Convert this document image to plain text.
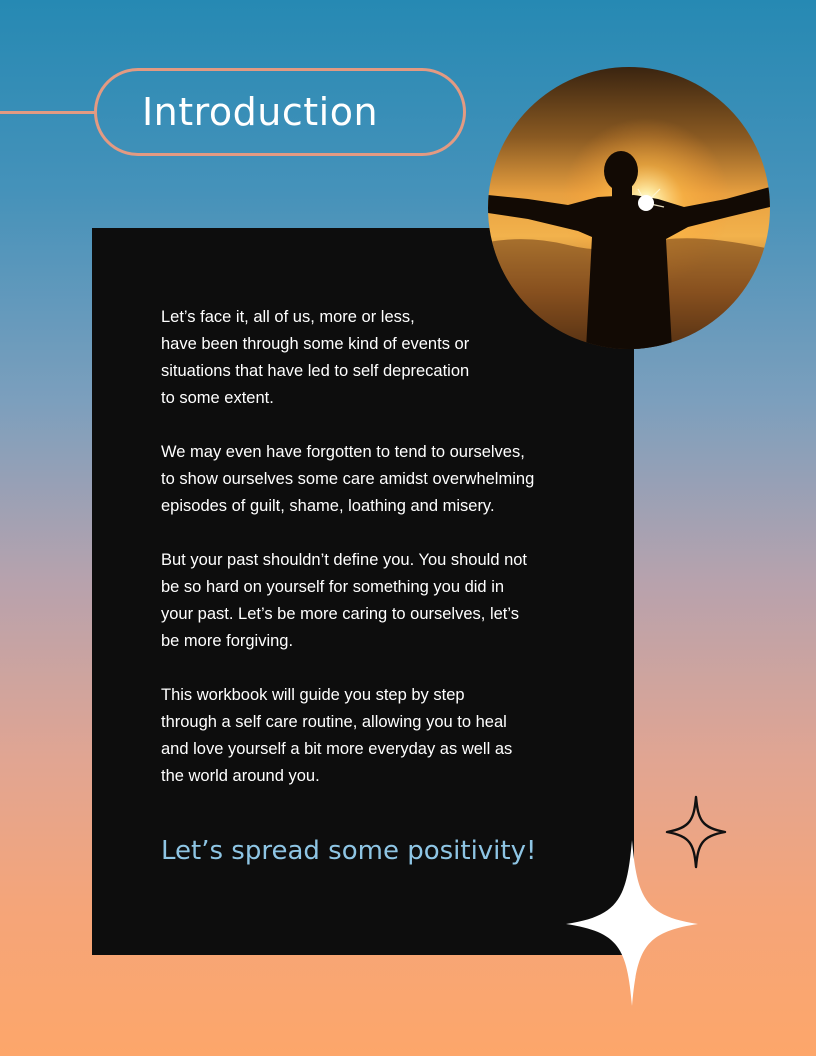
Introduction

Let’s face it, all of us, more or less,
have been through some kind of events or
situations that have led to self deprecation
to some extent.

We may even have forgotten to tend to ourselves,
to show ourselves some care amidst overwhelming
episodes of guilt, shame, loathing and misery.

But your past shouldn’t define you. You should not
be so hard on yourself for something you did in
your past. Let’s be more caring to ourselves, let’s
be more forgiving.

This workbook will guide you step by step
through a self care routine, allowing you to heal
and love yourself a bit more everyday as well as
the world around you.

Let’s spread some positivity!
